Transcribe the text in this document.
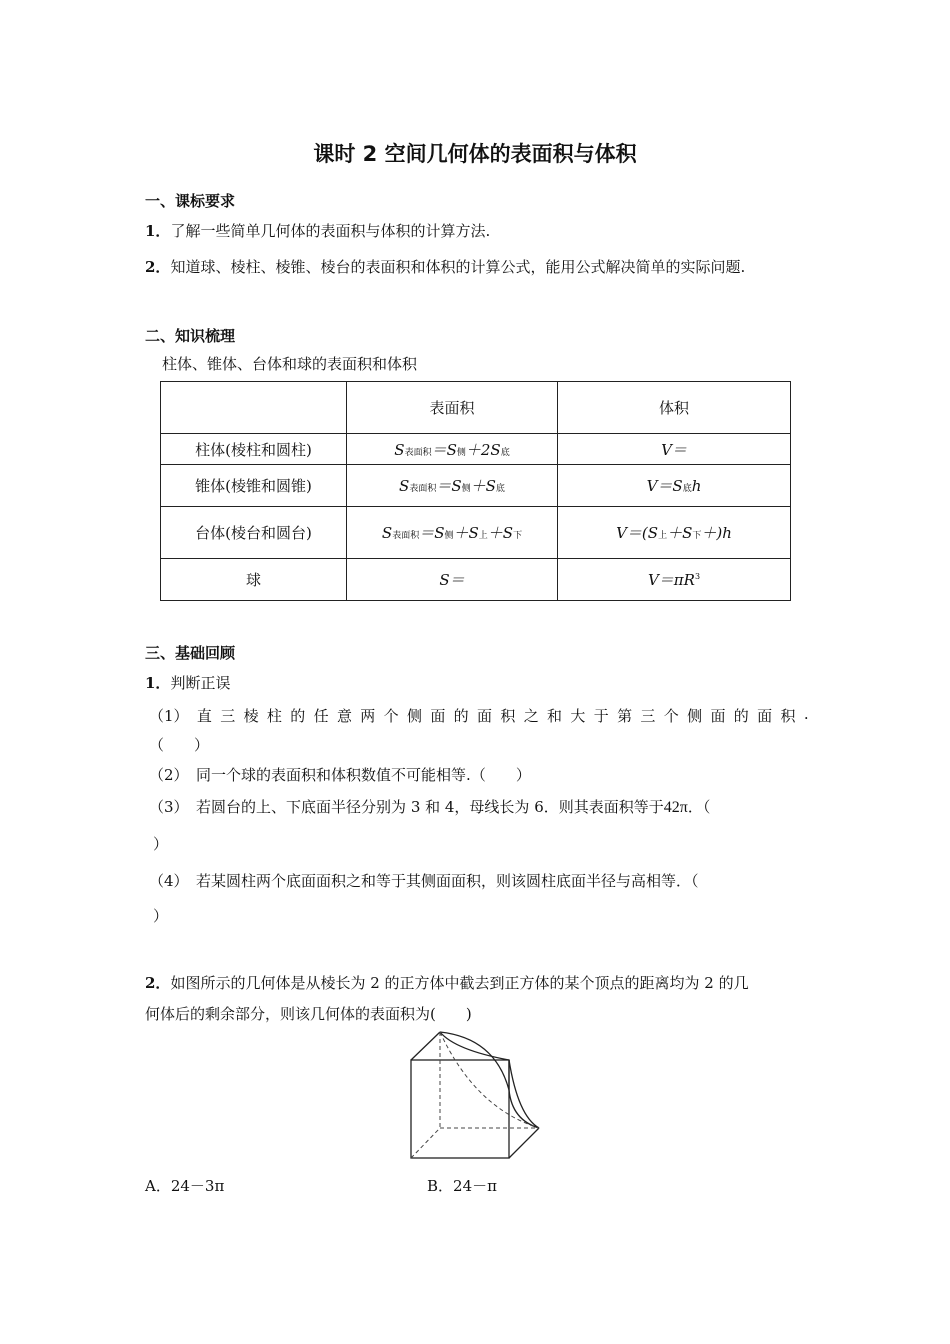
课时 2 空间几何体的表面积与体积
一、课标要求
1．了解一些简单几何体的表面积与体积的计算方法.
2．知道球、棱柱、棱锥、棱台的表面积和体积的计算公式，能用公式解决简单的实际问题.
二、知识梳理
柱体、锥体、台体和球的表面积和体积
	表面积	体积
柱体(棱柱和圆柱)	S表面积＝S侧＋2S底	V＝
锥体(棱锥和圆锥)	S表面积＝S侧＋S底	V＝S底h
台体(棱台和圆台)	S表面积＝S侧＋S上＋S下	V＝(S上＋S下＋)h
球	S＝	$V=\pi R^3$
三、基础回顾
1．判断正误
（1） 直 三 棱 柱 的 任 意 两 个 侧 面 的 面 积 之 和 大 于 第 三 个 侧 面 的 面 积 .
（　　）
（2）　同一个球的表面积和体积数值不可能相等.（　　）
（3）　若圆台的上、下底面半径分别为 3 和 4，母线长为 6．则其表面积等于42π．（
）
（4）　若某圆柱两个底面面积之和等于其侧面面积，则该圆柱底面半径与高相等．（
）
2．如图所示的几何体是从棱长为 2 的正方体中截去到正方体的某个顶点的距离均为 2 的几
何体后的剩余部分，则该几何体的表面积为(　　)
A．24－3π	B．24－π
